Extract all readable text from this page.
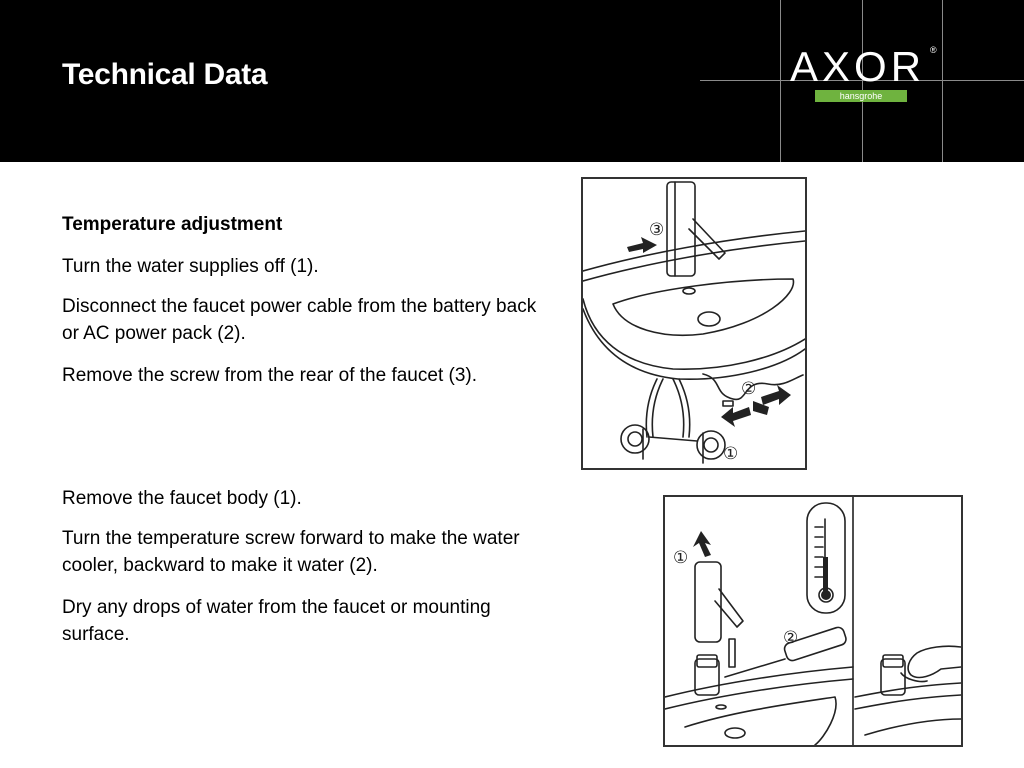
Technical Data	AXOR ®
hansgrohe
Temperature adjustment
Turn the water supplies off (1).
Disconnect the faucet power cable from the battery back or AC power pack (2).
Remove the screw from the rear of the faucet (3).
Remove the faucet body (1).
Turn the temperature screw forward to make the water cooler, backward to make it water (2).
Dry any drops of water from the faucet or mounting surface.
③
②
①
①
②
